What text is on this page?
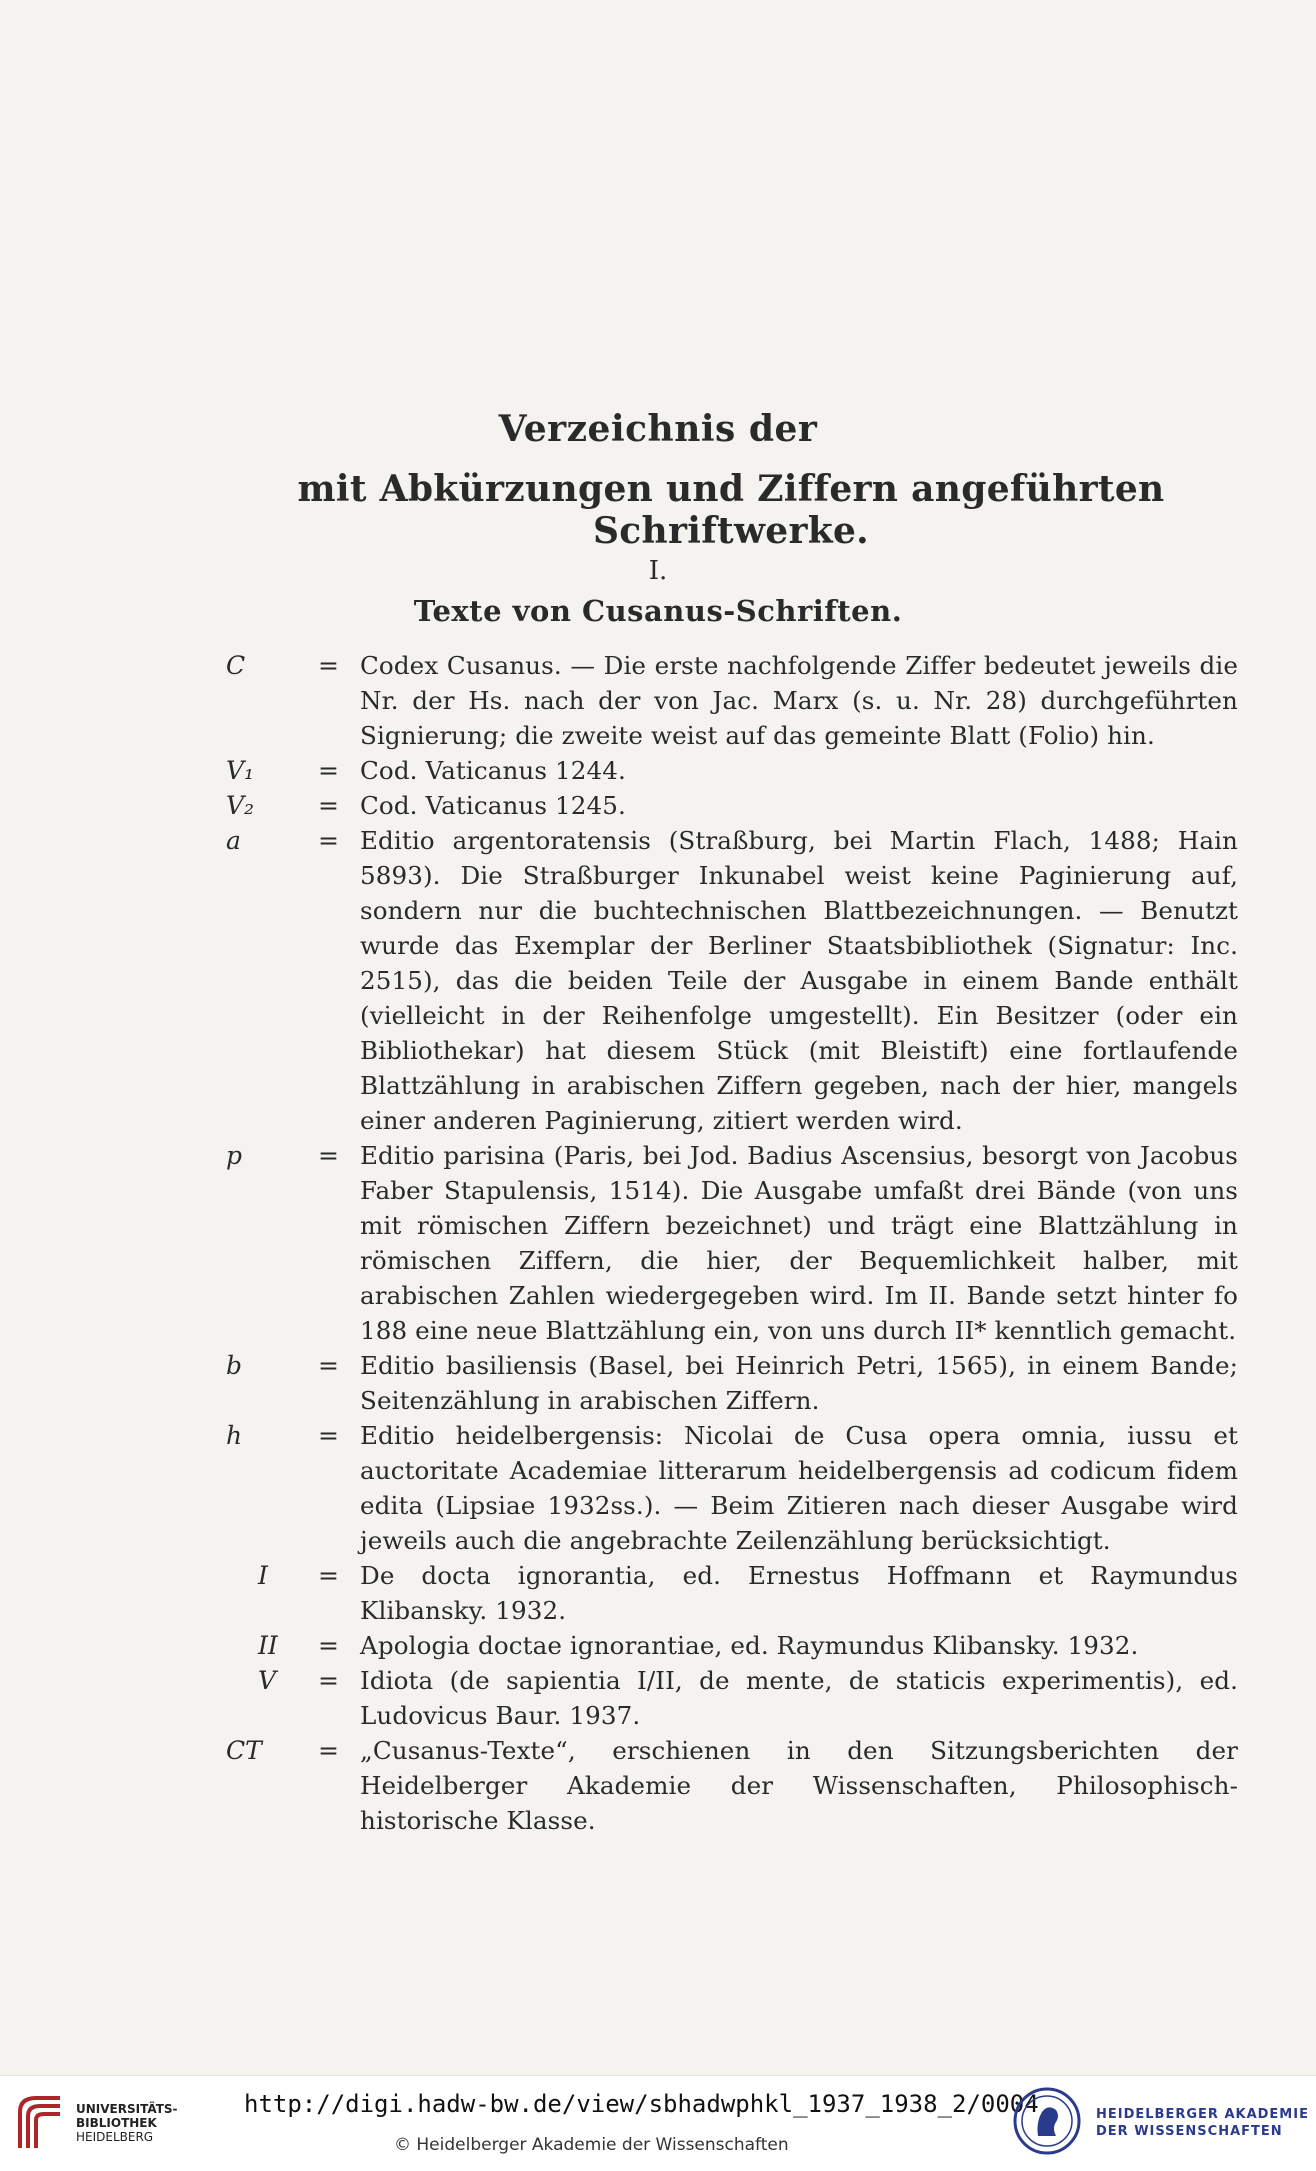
Verzeichnis der
mit Abkürzungen und Ziffern angeführten Schriftwerke.
I.
Texte von Cusanus-Schriften.
C	= Codex Cusanus. — Die erste nachfolgende Ziffer bedeutet jeweils die Nr. der Hs. nach der von Jac. Marx (s. u. Nr. 28) durchgeführten Signierung; die zweite weist auf das gemeinte Blatt (Folio) hin.
V₁	= Cod. Vaticanus 1244.
V₂	= Cod. Vaticanus 1245.
a	= Editio argentoratensis (Straßburg, bei Martin Flach, 1488; Hain 5893). Die Straßburger Inkunabel weist keine Paginierung auf, sondern nur die buchtechnischen Blattbezeichnungen. — Benutzt wurde das Exemplar der Berliner Staatsbibliothek (Signatur: Inc. 2515), das die beiden Teile der Ausgabe in einem Bande enthält (vielleicht in der Reihenfolge umgestellt). Ein Besitzer (oder ein Bibliothekar) hat diesem Stück (mit Bleistift) eine fortlaufende Blattzählung in arabischen Ziffern gegeben, nach der hier, mangels einer anderen Paginierung, zitiert werden wird.
p	= Editio parisina (Paris, bei Jod. Badius Ascensius, besorgt von Jacobus Faber Stapulensis, 1514). Die Ausgabe umfaßt drei Bände (von uns mit römischen Ziffern bezeichnet) und trägt eine Blattzählung in römischen Ziffern, die hier, der Bequemlichkeit halber, mit arabischen Zahlen wiedergegeben wird. Im II. Bande setzt hinter fo 188 eine neue Blattzählung ein, von uns durch II* kenntlich gemacht.
b	= Editio basiliensis (Basel, bei Heinrich Petri, 1565), in einem Bande; Seitenzählung in arabischen Ziffern.
h	= Editio heidelbergensis: Nicolai de Cusa opera omnia, iussu et auctoritate Academiae litterarum heidelbergensis ad codicum fidem edita (Lipsiae 1932ss.). — Beim Zitieren nach dieser Ausgabe wird jeweils auch die angebrachte Zeilenzählung berücksichtigt.
I = De docta ignorantia, ed. Ernestus Hoffmann et Raymundus Klibansky. 1932.
II = Apologia doctae ignorantiae, ed. Raymundus Klibansky. 1932.
V = Idiota (de sapientia I/II, de mente, de staticis experimentis), ed. Ludovicus Baur. 1937.
CT = „Cusanus-Texte“, erschienen in den Sitzungsberichten der Heidelberger Akademie der Wissenschaften, Philosophisch-historische Klasse.
UNIVERSITÄTS-
BIBLIOTHEK
HEIDELBERG
http://digi.hadw-bw.de/view/sbhadwphkl_1937_1938_2/0004
© Heidelberger Akademie der Wissenschaften
HEIDELBERGER AKADEMIE
DER WISSENSCHAFTEN
